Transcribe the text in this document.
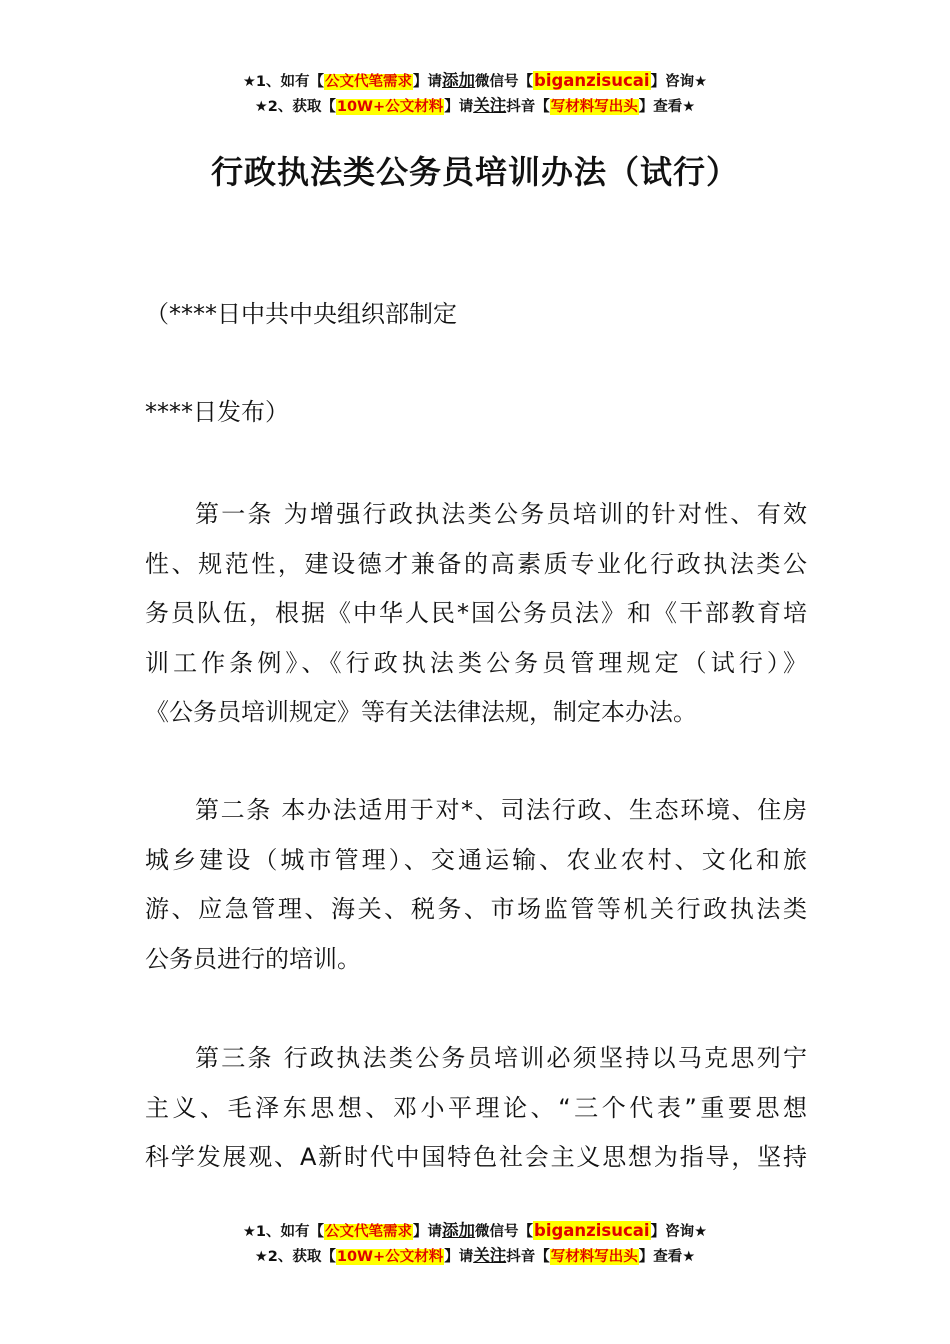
★1、如有【公文代笔需求】请添加微信号【biganzisucai】咨询★
★2、获取【10W+公文材料】请关注抖音【写材料写出头】查看★
行政执法类公务员培训办法（试行）
（****日中共中央组织部制定
****日发布）
第一条 为增强行政执法类公务员培训的针对性、有效
性、规范性，建设德才兼备的高素质专业化行政执法类公
务员队伍，根据《中华人民*国公务员法》和《干部教育培
训工作条例》、《行政执法类公务员管理规定（试行）》
《公务员培训规定》等有关法律法规，制定本办法。
第二条 本办法适用于对*、司法行政、生态环境、住房
城乡建设（城市管理）、交通运输、农业农村、文化和旅
游、应急管理、海关、税务、市场监管等机关行政执法类
公务员进行的培训。
第三条 行政执法类公务员培训必须坚持以马克思列宁
主义、毛泽东思想、邓小平理论、“三个代表”重要思想
科学发展观、A新时代中国特色社会主义思想为指导，坚持
★1、如有【公文代笔需求】请添加微信号【biganzisucai】咨询★
★2、获取【10W+公文材料】请关注抖音【写材料写出头】查看★
